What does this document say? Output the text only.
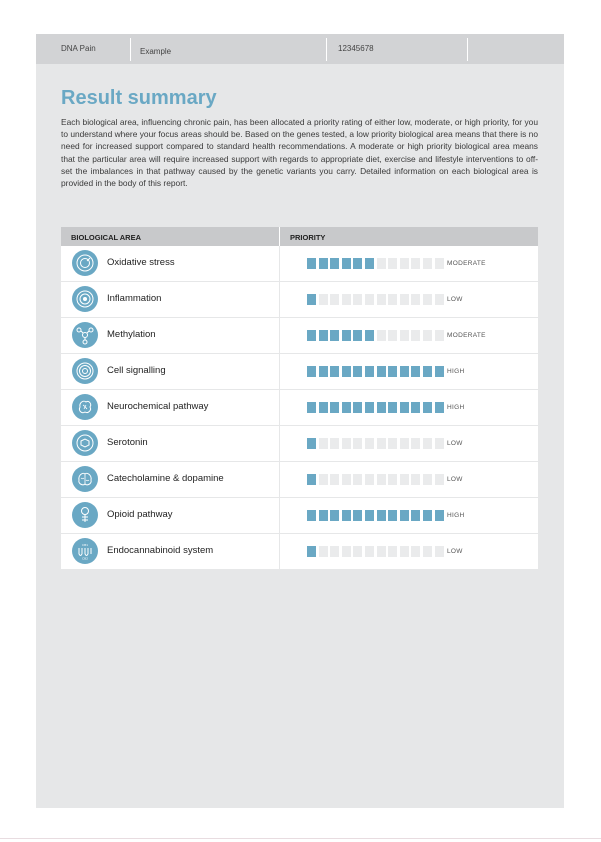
DNA Pain	Example	12345678
Result summary

Each biological area, influencing chronic pain, has been allocated a priority rating of either low, moderate, or high priority, for you to understand where your focus areas should be. Based on the genes tested, a low priority biological area means that there is no need for increased support compared to standard health recommendations. A moderate or high priority biological area means that the particular area will require increased support with regards to appropriate diet, exercise and lifestyle interventions to off-set the imbalances in that pathway caused by the genetic variants you carry. Detailed information on each biological area is provided in the body of this report.

BIOLOGICAL AREA	PRIORITY
Oxidative stress	MODERATE
Inflammation	LOW
Methylation	MODERATE
Cell signalling	HIGH
Neurochemical pathway	HIGH
Serotonin	LOW
Catecholamine & dopamine	LOW
Opioid pathway	HIGH
CB1
CB2
Endocannabinoid system	LOW
